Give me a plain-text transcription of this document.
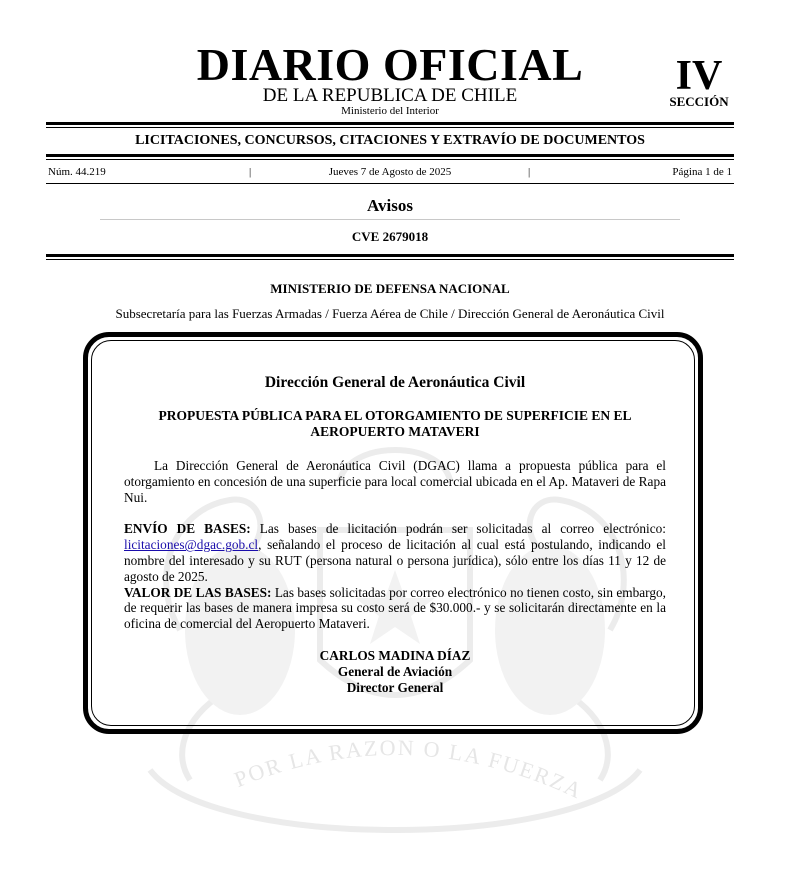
POR LA RAZON O LA FUERZA
DIARIO OFICIAL
DE LA REPUBLICA DE CHILE
Ministerio del Interior
IV
SECCIÓN
LICITACIONES, CONCURSOS, CITACIONES Y EXTRAVÍO DE DOCUMENTOS
Núm. 44.219	|	Jueves 7 de Agosto de 2025	|	Página 1 de 1
Avisos
CVE 2679018
MINISTERIO DE DEFENSA NACIONAL
Subsecretaría para las Fuerzas Armadas / Fuerza Aérea de Chile / Dirección General de Aeronáutica Civil
Dirección General de Aeronáutica Civil
PROPUESTA PÚBLICA PARA EL OTORGAMIENTO DE SUPERFICIE EN EL AEROPUERTO MATAVERI
La Dirección General de Aeronáutica Civil (DGAC) llama a propuesta pública para el otorgamiento en concesión de una superficie para local comercial ubicada en el Ap. Mataveri de Rapa Nui.
ENVÍO DE BASES: Las bases de licitación podrán ser solicitadas al correo electrónico: licitaciones@dgac.gob.cl, señalando el proceso de licitación al cual está postulando, indicando el nombre del interesado y su RUT (persona natural o persona jurídica), sólo entre los días 11 y 12 de agosto de 2025.
VALOR DE LAS BASES: Las bases solicitadas por correo electrónico no tienen costo, sin embargo, de requerir las bases de manera impresa su costo será de $30.000.- y se solicitarán directamente en la oficina de comercial del Aeropuerto Mataveri.
CARLOS MADINA DÍAZ
General de Aviación
Director General
